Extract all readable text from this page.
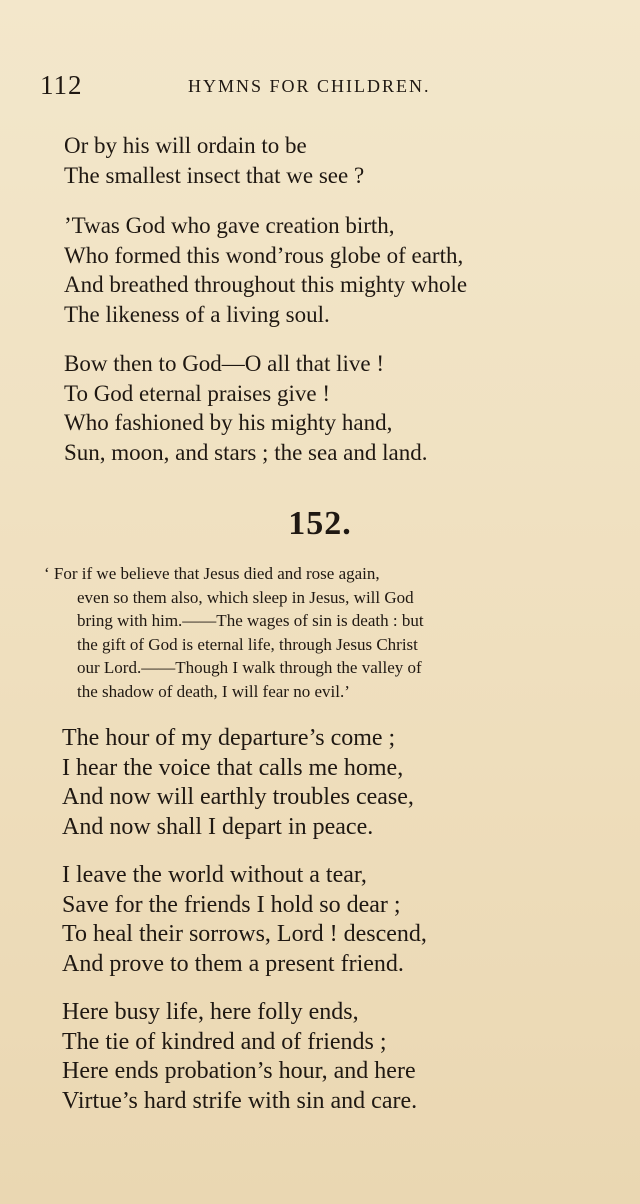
112	HYMNS FOR CHILDREN.
Or by his will ordain to be
The smallest insect that we see ?
’Twas God who gave creation birth,
Who formed this wond’rous globe of earth,
And breathed throughout this mighty whole
The likeness of a living soul.
Bow then to God—O all that live !
To God eternal praises give !
Who fashioned by his mighty hand,
Sun, moon, and stars ; the sea and land.
152.
‘ For if we believe that Jesus died and rose again,
even so them also, which sleep in Jesus, will God
bring with him.——The wages of sin is death : but
the gift of God is eternal life, through Jesus Christ
our Lord.——Though I walk through the valley of
the shadow of death, I will fear no evil.’
The hour of my departure’s come ;
I hear the voice that calls me home,
And now will earthly troubles cease,
And now shall I depart in peace.
I leave the world without a tear,
Save for the friends I hold so dear ;
To heal their sorrows, Lord ! descend,
And prove to them a present friend.
Here busy life, here folly ends,
The tie of kindred and of friends ;
Here ends probation’s hour, and here
Virtue’s hard strife with sin and care.
